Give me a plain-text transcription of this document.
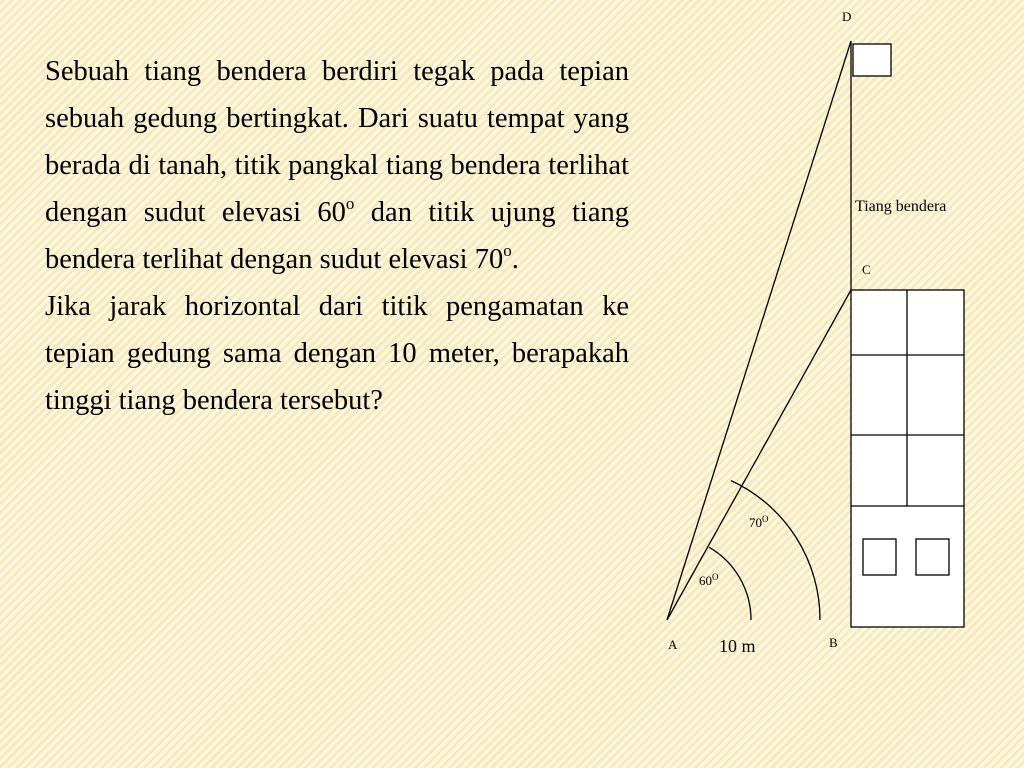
Sebuah tiang bendera berdiri tegak pada tepian sebuah gedung bertingkat. Dari suatu tempat yang berada di tanah, titik pangkal tiang bendera terlihat dengan sudut elevasi 60$^o$ dan titik ujung tiang bendera terlihat dengan sudut elevasi 70$^o$.

Jika jarak horizontal dari titik pengamatan ke tepian gedung sama dengan 10 meter, berapakah tinggi tiang bendera tersebut?

D
Tiang bendera
C
A	B
10 m
$70^O$
$60^O$
